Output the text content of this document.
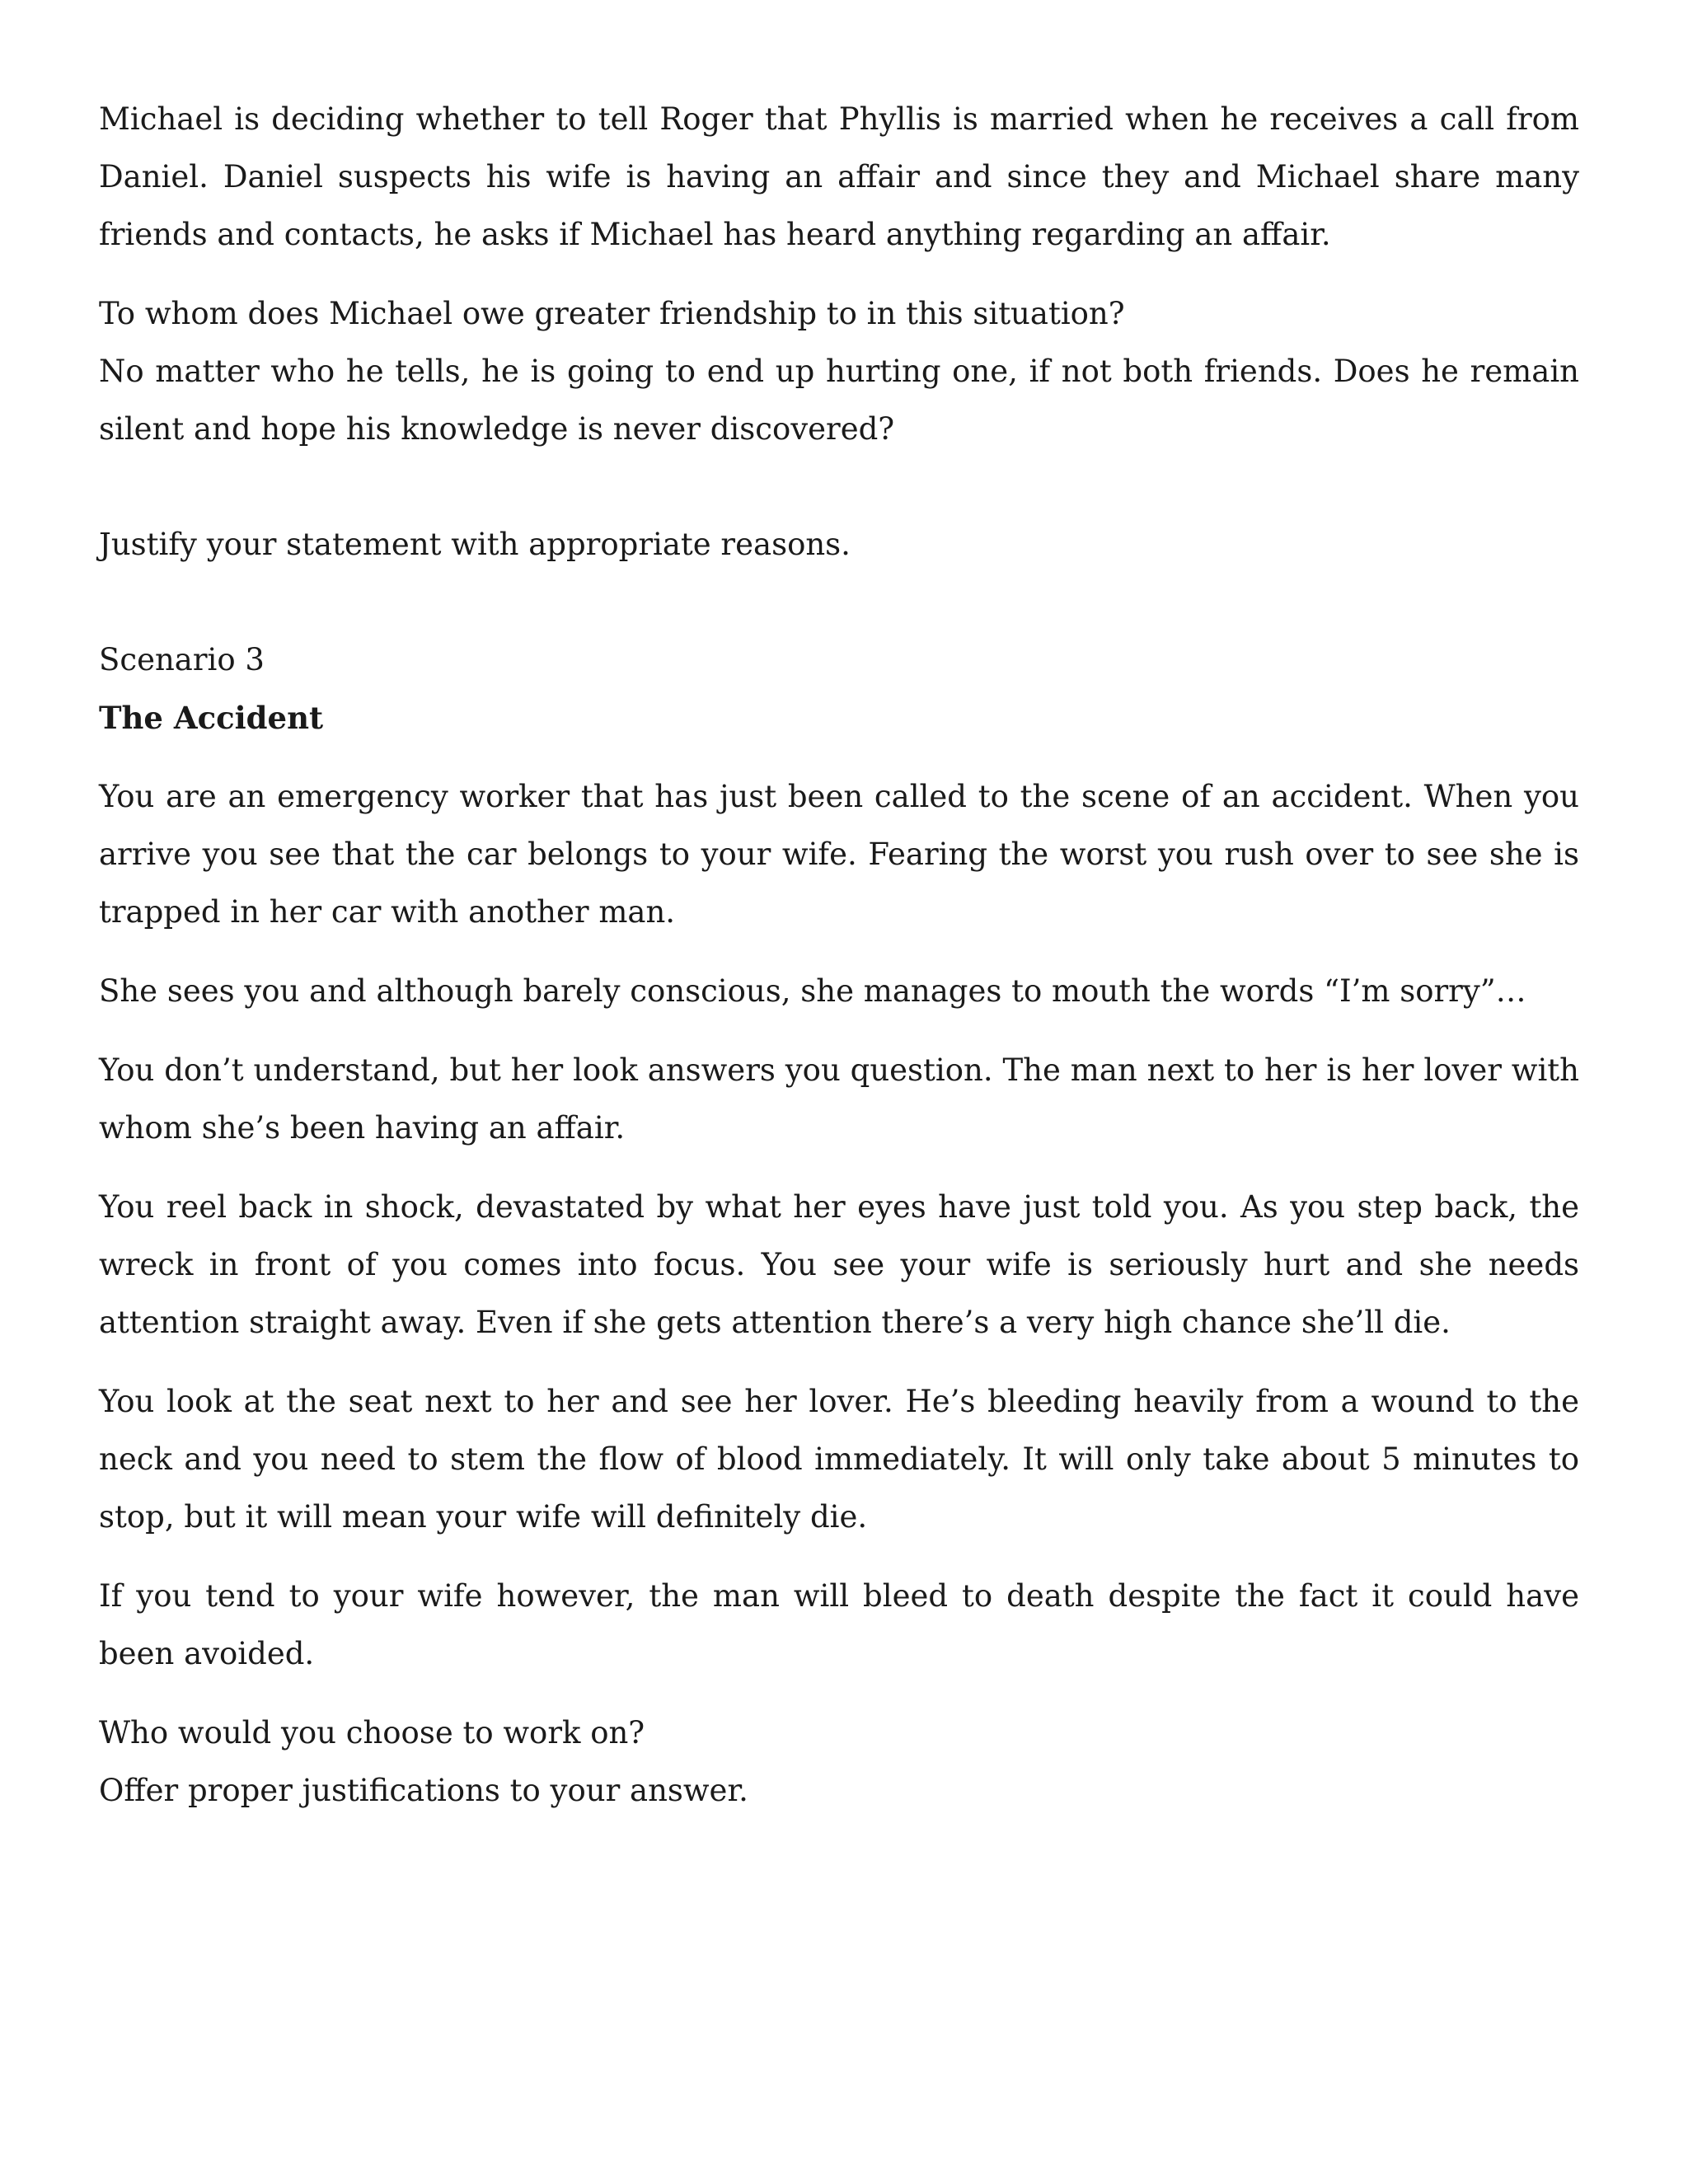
Michael is deciding whether to tell Roger that Phyllis is married when he receives a call from Daniel. Daniel suspects his wife is having an affair and since they and Michael share many friends and contacts, he asks if Michael has heard anything regarding an affair.

To whom does Michael owe greater friendship to in this situation?

No matter who he tells, he is going to end up hurting one, if not both friends. Does he remain silent and hope his knowledge is never discovered?

Justify your statement with appropriate reasons.
Scenario 3
The Accident

You are an emergency worker that has just been called to the scene of an accident. When you arrive you see that the car belongs to your wife. Fearing the worst you rush over to see she is trapped in her car with another man.

She sees you and although barely conscious, she manages to mouth the words “I’m sorry”…

You don’t understand, but her look answers you question. The man next to her is her lover with whom she’s been having an affair.

You reel back in shock, devastated by what her eyes have just told you. As you step back, the wreck in front of you comes into focus. You see your wife is seriously hurt and she needs attention straight away. Even if she gets attention there’s a very high chance she’ll die.

You look at the seat next to her and see her lover. He’s bleeding heavily from a wound to the neck and you need to stem the flow of blood immediately. It will only take about 5 minutes to stop, but it will mean your wife will definitely die.

If you tend to your wife however, the man will bleed to death despite the fact it could have been avoided.

Who would you choose to work on?
Offer proper justifications to your answer.
